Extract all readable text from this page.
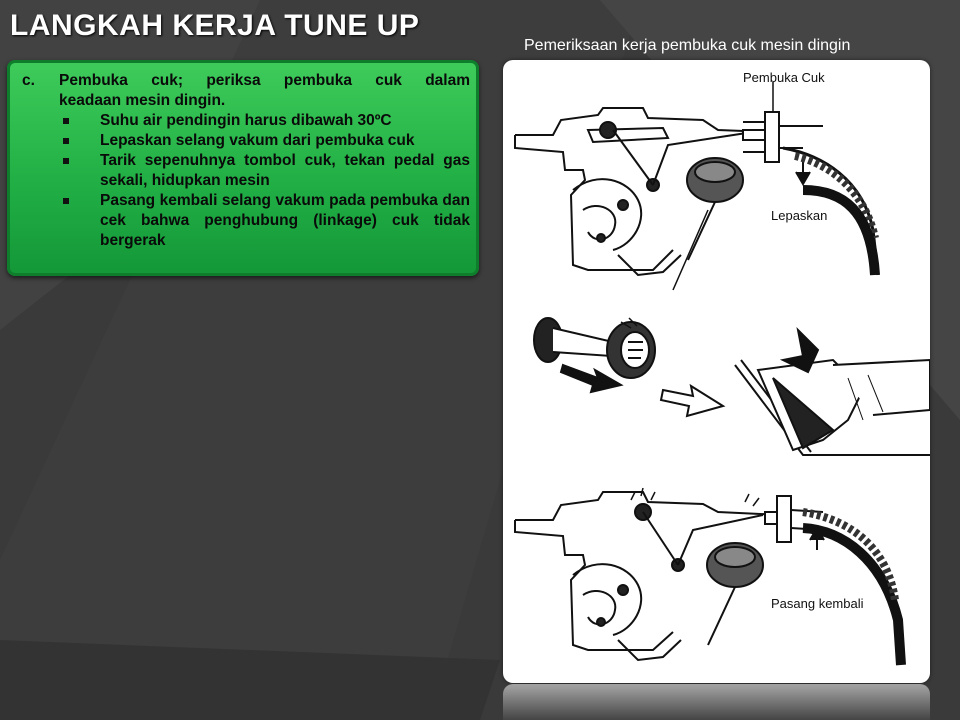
LANGKAH KERJA TUNE UP
Pemeriksaan kerja pembuka cuk mesin dingin
c.	Pembuka cuk; periksa pembuka cuk dalam
keadaan mesin dingin.
Suhu air pendingin harus dibawah 30ºC
Lepaskan selang vakum dari pembuka cuk
Tarik sepenuhnya tombol cuk, tekan pedal gas sekali, hidupkan mesin
Pasang kembali selang vakum pada pembuka dan cek bahwa penghubung (linkage) cuk tidak bergerak
Pembuka Cuk
Lepaskan
Pasang kembali
